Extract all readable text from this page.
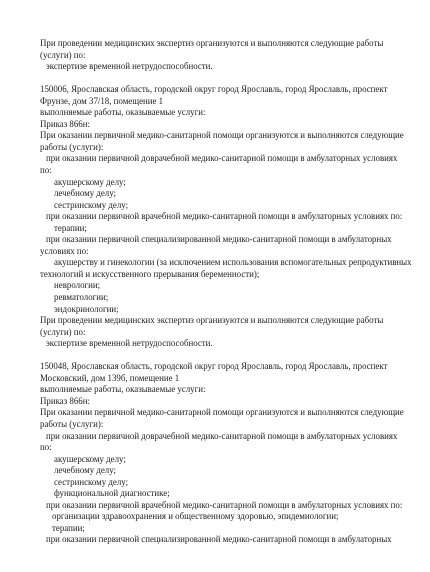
При проведении медицинских экспертиз организуются и выполняются следующие работы
(услуги) по:
экспертизе временной нетрудоспособности.
150006, Ярославская область, городской округ город Ярославль, город Ярославль, проспект
Фрунзе, дом 37/18, помещение 1
выполняемые работы, оказываемые услуги:
Приказ 866н:
При оказании первичной медико-санитарной помощи организуются и выполняются следующие
работы (услуги):
при оказании первичной доврачебной медико-санитарной помощи в амбулаторных условиях
по:
акушерскому делу;
лечебному делу;
сестринскому делу;
при оказании первичной врачебной медико-санитарной помощи в амбулаторных условиях по:
терапии;
при оказании первичной специализированной медико-санитарной помощи в амбулаторных
условиях по:
акушерству и гинекологии (за исключением использования вспомогательных репродуктивных
технологий и искусственного прерывания беременности);
неврологии;
ревматологии;
эндокринологии;
При проведении медицинских экспертиз организуются и выполняются следующие работы
(услуги) по:
экспертизе временной нетрудоспособности.
150048, Ярославская область, городской округ город Ярославль, город Ярославль, проспект
Московский, дом 139б, помещение 1
выполняемые работы, оказываемые услуги:
Приказ 866н:
При оказании первичной медико-санитарной помощи организуются и выполняются следующие
работы (услуги):
при оказании первичной доврачебной медико-санитарной помощи в амбулаторных условиях
по:
акушерскому делу;
лечебному делу;
сестринскому делу;
функциональной диагностике;
при оказании первичной врачебной медико-санитарной помощи в амбулаторных условиях по:
организации здравоохранения и общественному здоровью, эпидемиологии;
терапии;
при оказании первичной специализированной медико-санитарной помощи в амбулаторных
